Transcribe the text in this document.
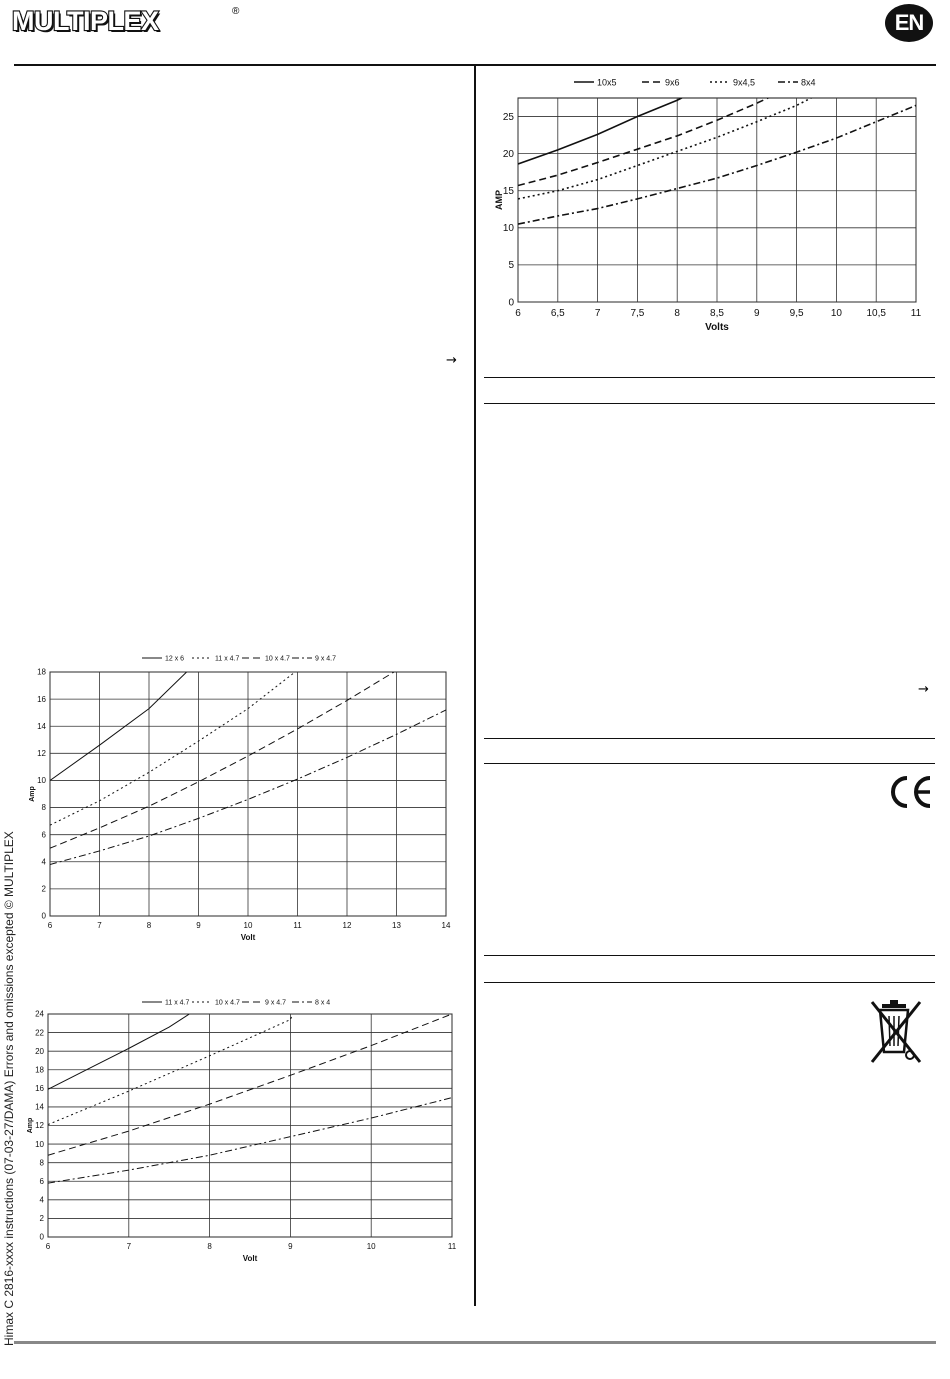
MULTIPLEX	®	EN
→
→
Himax C 2816-xxxx instructions (07-03-27/DAMA) Errors and omissions excepted © MULTIPLEX
6	6,5	7	7,5	8	8,5	9	9,5	10 10,5 11
0
5
10
15
20
25
Volts
AMP
10x5	9x6	9x4,5	8x4
6	7	8	9	10	11	12	13	14
0
2
4
6
8
10
12
14
16
18
Volt
Amp
12 x 6	11 x 4.7	10 x 4.7	9 x 4.7
6	7	8	9	10	11
0
2
4
6
8
10
12
14
16
18
20
22
24
Volt
Amp
11 x 4.7	10 x 4.7	9 x 4.7	8 x 4
